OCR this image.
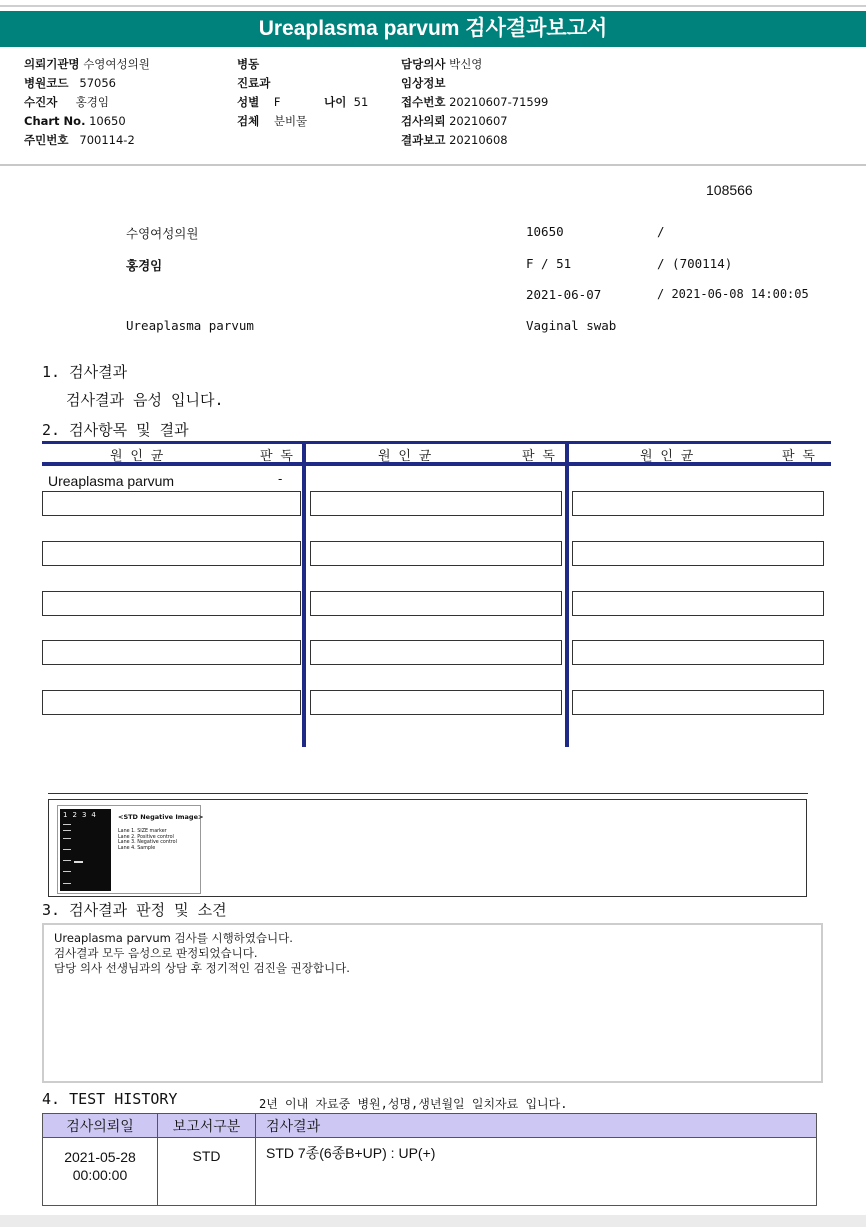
Ureaplasma parvum 검사결과보고서
의뢰기관명 수영여성의원
병원코드 57056
수진자 홍경임
Chart No. 10650
주민번호 700114-2
병동
진료과
성별 F	나이 51
검체 분비물
담당의사 박신영
임상정보
접수번호 20210607-71599
검사의뢰 20210607
결과보고 20210608
108566
수영여성의원	10650	/
홍경임	F / 51	/ (700114)
2021-06-07	/ 2021-06-08 14:00:05
Ureaplasma parvum	Vaginal swab
1. 검사결과
검사결과 음성 입니다.
2. 검사항목 및 결과
원 인 균	판 독	원 인 균	판 독	원 인 균	판 독
Ureaplasma parvum	-
1234	<STD Negative Image>
Lane 1. SIZE marker
Lane 2. Positive control
Lane 3. Negative control
Lane 4. Sample
3. 검사결과 판정 및 소견
Ureaplasma parvum 검사를 시행하였습니다.
검사결과 모두 음성으로 판정되었습니다.
담당 의사 선생님과의 상담 후 정기적인 검진을 권장합니다.
4. TEST HISTORY	2년 이내 자료중 병원,성명,생년월일 일치자료 입니다.
검사의뢰일	보고서구분	검사결과

2021-05-28
00:00:00	STD	STD 7종(6종B+UP) : UP(+)
